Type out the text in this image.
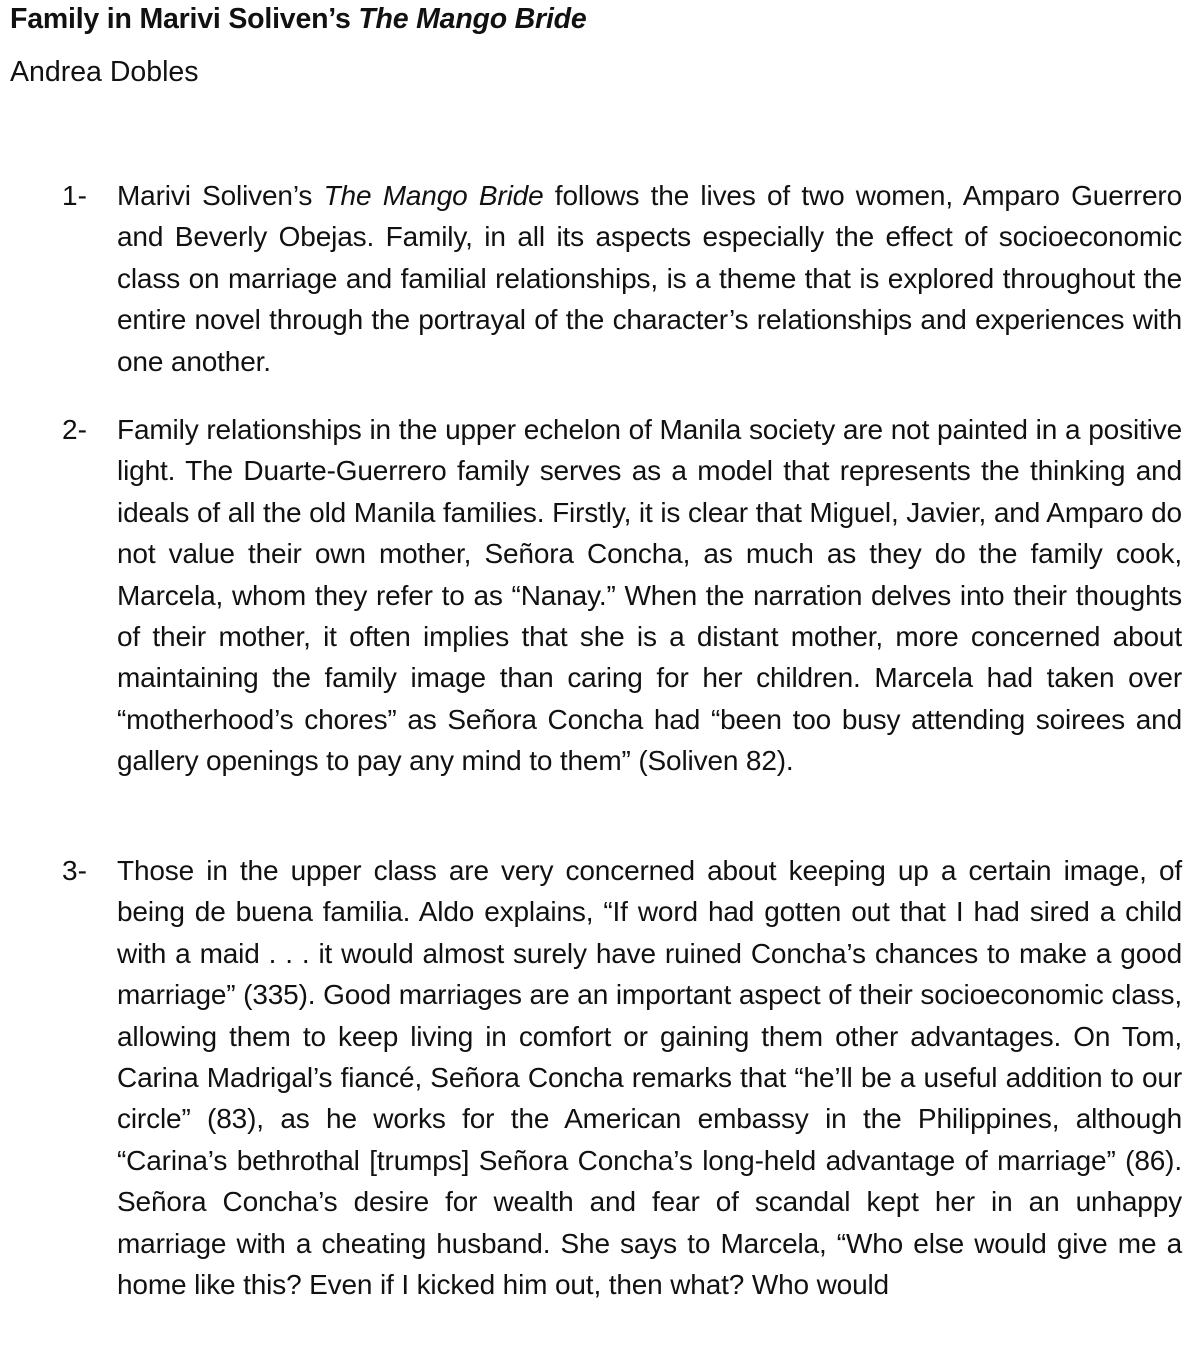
Family in Marivi Soliven’s The Mango Bride
Andrea Dobles
1- Marivi Soliven’s The Mango Bride follows the lives of two women, Amparo Guerrero and Beverly Obejas. Family, in all its aspects especially the effect of socioeconomic class on marriage and familial relationships, is a theme that is explored throughout the entire novel through the portrayal of the character’s relationships and experiences with one another.
2- Family relationships in the upper echelon of Manila society are not painted in a positive light. The Duarte-Guerrero family serves as a model that represents the thinking and ideals of all the old Manila families. Firstly, it is clear that Miguel, Javier, and Amparo do not value their own mother, Señora Concha, as much as they do the family cook, Marcela, whom they refer to as “Nanay.” When the narration delves into their thoughts of their mother, it often implies that she is a distant mother, more concerned about maintaining the family image than caring for her children. Marcela had taken over “motherhood’s chores” as Señora Concha had “been too busy attending soirees and gallery openings to pay any mind to them” (Soliven 82).
3- Those in the upper class are very concerned about keeping up a certain image, of being de buena familia. Aldo explains, “If word had gotten out that I had sired a child with a maid . . . it would almost surely have ruined Concha’s chances to make a good marriage” (335). Good marriages are an important aspect of their socioeconomic class, allowing them to keep living in comfort or gaining them other advantages. On Tom, Carina Madrigal’s fiancé, Señora Concha remarks that “he’ll be a useful addition to our circle” (83), as he works for the American embassy in the Philippines, although “Carina’s bethrothal [trumps] Señora Concha’s long-held advantage of marriage” (86). Señora Concha’s desire for wealth and fear of scandal kept her in an unhappy marriage with a cheating husband. She says to Marcela, “Who else would give me a home like this? Even if I kicked him out, then what? Who would
